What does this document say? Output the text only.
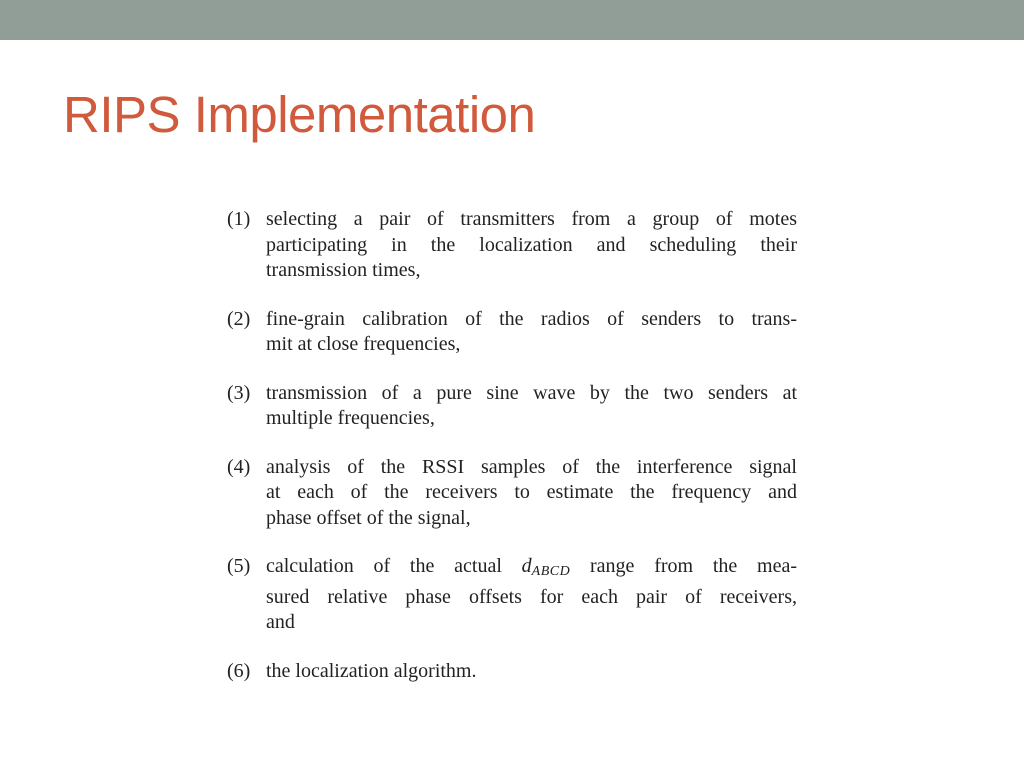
RIPS Implementation
(1) selecting a pair of transmitters from a group of motes
participating in the localization and scheduling their
transmission times,
(2) fine-grain calibration of the radios of senders to trans-
mit at close frequencies,
(3) transmission of a pure sine wave by the two senders at
multiple frequencies,
(4) analysis of the RSSI samples of the interference signal
at each of the receivers to estimate the frequency and
phase offset of the signal,
(5) calculation of the actual $d_{ABCD}$ range from the mea-
sured relative phase offsets for each pair of receivers,
and
(6) the localization algorithm.
